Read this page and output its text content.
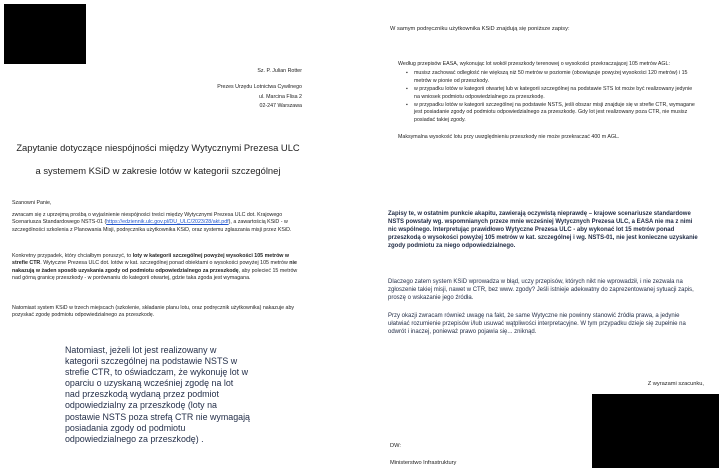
Sz. P. Julian Rotter
Prezes Urzędu Lotnictwa Cywilnego
ul. Marcina Flisa 2
02-247 Warszawa
Zapytanie dotyczące niespójności między Wytycznymi Prezesa ULC
a systemem KSiD w zakresie lotów w kategorii szczególnej
Szanowni Panie,
zwracam się z uprzejmą prośbą o wyjaśnienie niespójności treści między Wytycznymi Prezesa ULC dot. Krajowego Scenariusza Standardowego NSTS-01 (https://edziennik.ulc.gov.pl/DU_ULC/2023/28/akt.pdf), a zawartością KSiD - w szczególności szkolenia z Planowania Misji, podręcznika użytkownika KSiD, oraz systemu zgłaszania misji przez KSiD.
Konkretny przypadek, który chciałbym poruszyć, to loty w kategorii szczególnej powyżej wysokości 105 metrów w strefie CTR. Wytyczne Prezesa ULC dot. lotów w kat. szczególnej ponad obiektami o wysokości powyżej 105 metrów nie nakazują w żaden sposób uzyskania zgody od podmiotu odpowiedzialnego za przeszkodę, aby polecieć 15 metrów nad górną granicę przeszkody - w porównaniu do kategorii otwartej, gdzie taka zgoda jest wymagana.
Natomiast system KSiD w trzech miejscach (szkolenie, składanie planu lotu, oraz podręcznik użytkownika) nakazuje aby pozyskać zgodę podmiotu odpowiedzialnego za przeszkodę.

Natomiast, jeżeli lot jest realizowany w kategorii szczególnej na podstawie NSTS w strefie CTR, to oświadczam, że wykonuję lot w oparciu o uzyskaną wcześniej zgodę na lot nad przeszkodą wydaną przez podmiot odpowiedzialny za przeszkodę (loty na postawie NSTS poza strefą CTR nie wymagają posiadania zgody od podmiotu odpowiedzialnego za przeszkodę) .

W samym podręczniku użytkownika KSiD znajdują się poniższe zapisy:
Według przepisów EASA, wykonując lot wokół przeszkody terenowej o wysokości przekraczającej 105 metrów AGL:
▪ musisz zachować odległość nie większą niż 50 metrów w poziomie (obowiązuje powyżej wysokości 120 metrów) i 15 metrów w pionie od przeszkody.
▪ w przypadku lotów w kategorii otwartej lub w kategorii szczególnej na podstawie STS lot może być realizowany jedynie na wniosek podmiotu odpowiedzialnego za przeszkodę.
▪ w przypadku lotów w kategorii szczególnej na podstawie NSTS, jeśli obszar misji znajduje się w strefie CTR, wymagane jest posiadanie zgody od podmiotu odpowiedzialnego za przeszkodę. Gdy lot jest realizowany poza CTR, nie musisz posiadać takiej zgody.
Maksymalna wysokość lotu przy uwzględnieniu przeszkody nie może przekraczać 400 m AGL.
Zapisy te, w ostatnim punkcie akapitu, zawierają oczywistą nieprawdę – krajowe scenariusze standardowe NSTS powstały wg. wspomnianych przeze mnie wcześniej Wytycznych Prezesa ULC, a EASA nie ma z nimi nic wspólnego. Interpretując prawidłowo Wytyczne Prezesa ULC - aby wykonać lot 15 metrów ponad przeszkodą o wysokości powyżej 105 metrów w kat. szczególnej i wg. NSTS-01, nie jest konieczne uzyskanie zgody podmiotu za niego odpowiedzialnego.
Dlaczego zatem system KSiD wprowadza w błąd, uczy przepisów, których nikt nie wprowadził, i nie zezwala na zgłoszenie takiej misji, nawet w CTR, bez www. zgody? Jeśli istnieje adekwatny do zaprezentowanej sytuacji zapis, proszę o wskazanie jego źródła.
Przy okazji zwracam również uwagę na fakt, że same Wytyczne nie powinny stanowić źródła prawa, a jedynie ułatwiać rozumienie przepisów i/lub usuwać wątpliwości interpretacyjne. W tym przypadku dzieje się zupełnie na odwrót i inaczej, ponieważ prawo pojawia się... zniknąd.
Z wyrazami szacunku,
DW:
Ministerstwo Infrastruktury
